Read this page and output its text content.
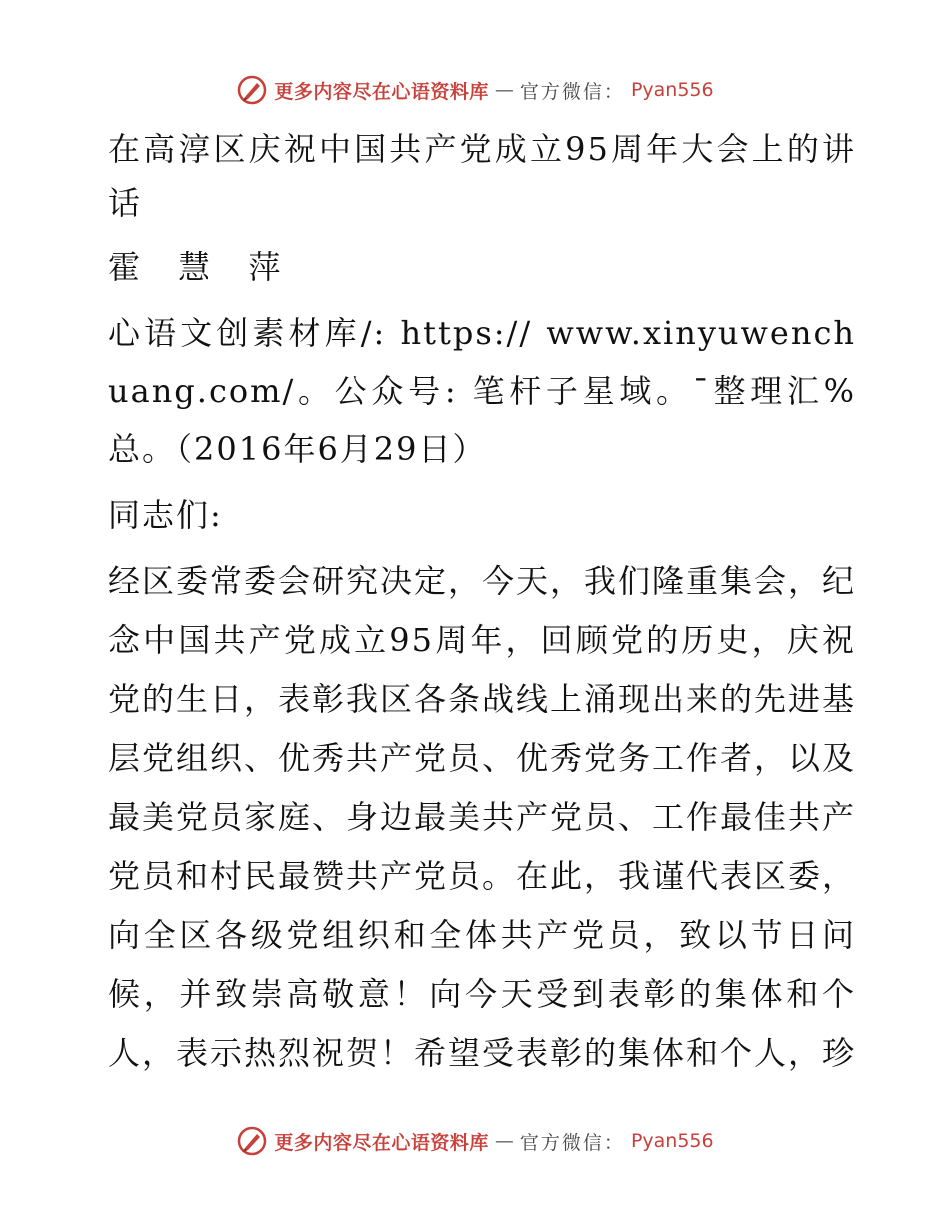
更多内容尽在心语资料库 — 官方微信： Pyan556

在高淳区庆祝中国共产党成立95周年大会上的讲话

霍 慧 萍

心语文创素材库/: https:// www.xinyuwenchuang.com/。公众号: 笔杆子星域。¯整理汇%总。（2016年6月29日）

同志们:

经区委常委会研究决定，今天，我们隆重集会，纪念中国共产党成立95周年，回顾党的历史，庆祝党的生日，表彰我区各条战线上涌现出来的先进基层党组织、优秀共产党员、优秀党务工作者，以及最美党员家庭、身边最美共产党员、工作最佳共产党员和村民最赞共产党员。在此，我谨代表区委，向全区各级党组织和全体共产党员，致以节日问候，并致崇高敬意！向今天受到表彰的集体和个人，表示热烈祝贺！希望受表彰的集体和个人，珍

更多内容尽在心语资料库 — 官方微信： Pyan556
